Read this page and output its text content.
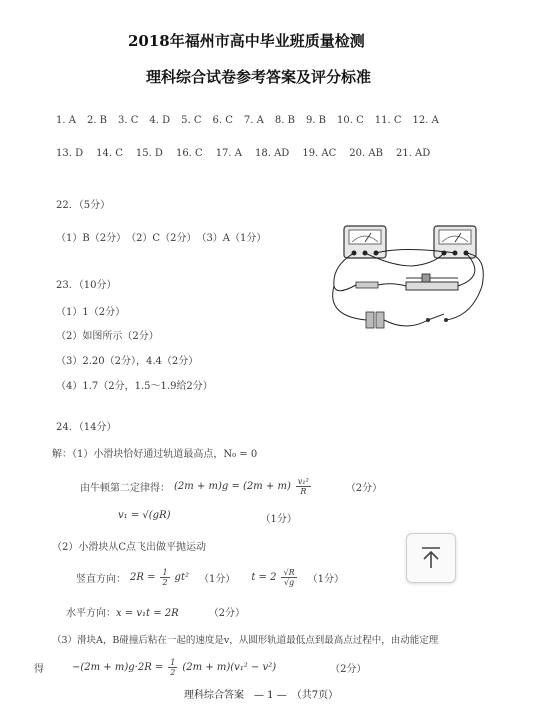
2018年福州市高中毕业班质量检测
理科综合试卷参考答案及评分标准
1. A 2. B 3. C 4. D 5. C 6. C 7. A 8. B 9. B 10. C 11. C 12. A
13. D 14. C 15. D 16. C 17. A 18. AD 19. AC 20. AB 21. AD
22．（5分）
（1）B（2分）　（2）C（2分）　（3）A（1分）
23．（10分）
（1）1（2分）
（2）如图所示（2分）
（3）2.20（2分），4.4（2分）
（4）1.7（2分，1.5～1.9给2分）
24．（14分）
解：（1）小滑块恰好通过轨道最高点，N₀ = 0
由牛顿第二定律得： $(2m + m)g = (2m + m) \frac{\text{v₁²}}{R}$	（2分）
v₁ = √(gR)	（1分）
（2）小滑块从C点飞出做平抛运动
竖直方向： $2R = \frac{1}{2} gt^2$ （1分） $t = 2 \frac{√R}{√g} (1$分）
水平方向：x = v₁t = 2R	（2分）
（3）滑块A，B碰撞后粘在一起的速度是v，从圆形轨道最低点到最高点过程中，由动能定理
得	$-(2m + m)g\cdot 2R = \frac{1}{2} (2m + m)(v_1^2 - v^2)$	（2分）
理科综合答案　— 1 —　（共7页）
